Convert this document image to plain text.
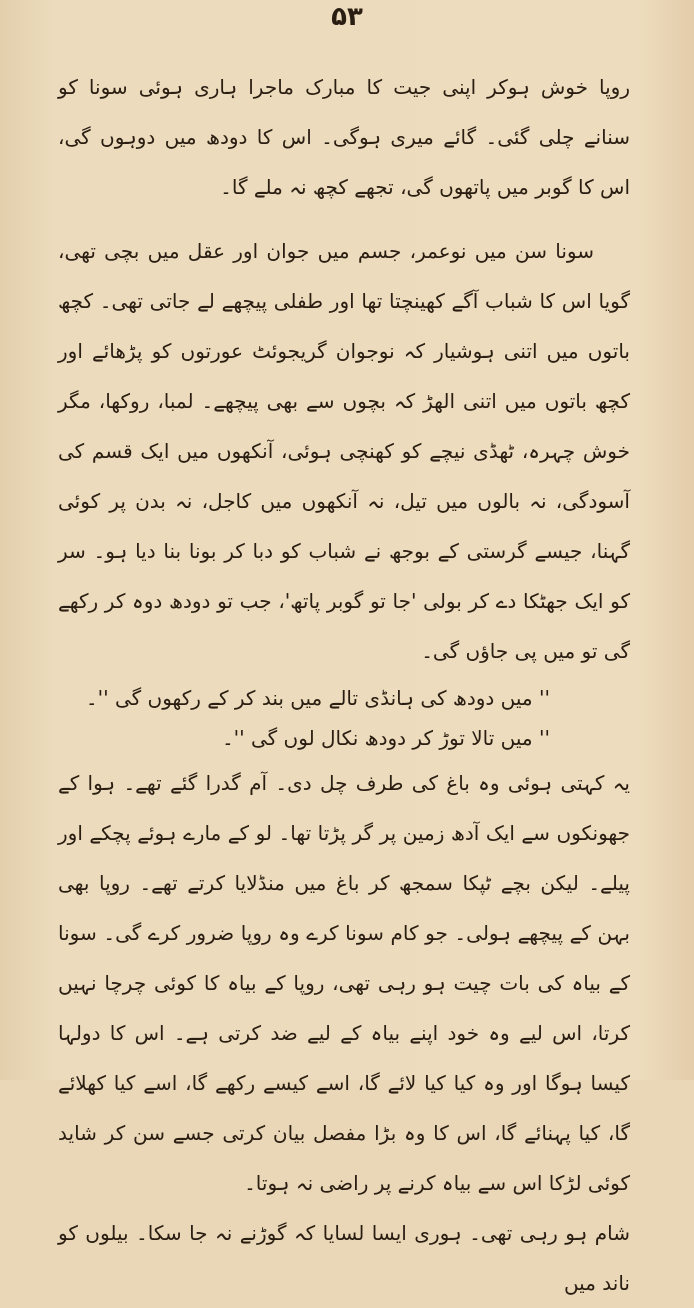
۵۳

روپا خوش ہوکر اپنی جیت کا مبارک ماجرا ہاری ہوئی سونا کو سنانے چلی گئی۔ گائے میری ہوگی۔ اس کا دودھ میں دوہوں گی، اس کا گوبر میں پاتھوں گی، تجھے کچھ نہ ملے گا۔

سونا سن میں نوعمر، جسم میں جوان اور عقل میں بچی تھی، گویا اس کا شباب آگے کھینچتا تھا اور طفلی پیچھے لے جاتی تھی۔ کچھ باتوں میں اتنی ہوشیار کہ نوجوان گریجوئٹ عورتوں کو پڑھائے اور کچھ باتوں میں اتنی الھڑ کہ بچوں سے بھی پیچھے۔ لمبا، روکھا، مگر خوش چہرہ، ٹھڈی نیچے کو کھنچی ہوئی، آنکھوں میں ایک قسم کی آسودگی، نہ بالوں میں تیل، نہ آنکھوں میں کاجل، نہ بدن پر کوئی گہنا، جیسے گرستی کے بوجھ نے شباب کو دبا کر بونا بنا دیا ہو۔ سر کو ایک جھٹکا دے کر بولی 'جا تو گوبر پاتھ'، جب تو دودھ دوہ کر رکھے گی تو میں پی جاؤں گی۔

'' میں دودھ کی ہانڈی تالے میں بند کر کے رکھوں گی ''۔

'' میں تالا توڑ کر دودھ نکال لوں گی ''۔

یہ کہتی ہوئی وہ باغ کی طرف چل دی۔ آم گدرا گئے تھے۔ ہوا کے جھونکوں سے ایک آدھ زمین پر گر پڑتا تھا۔ لو کے مارے ہوئے پچکے اور پیلے۔ لیکن بچے ٹپکا سمجھ کر باغ میں منڈلایا کرتے تھے۔ روپا بھی بہن کے پیچھے ہولی۔ جو کام سونا کرے وہ روپا ضرور کرے گی۔ سونا کے بیاہ کی بات چیت ہو رہی تھی، روپا کے بیاہ کا کوئی چرچا نہیں کرتا، اس لیے وہ خود اپنے بیاہ کے لیے ضد کرتی ہے۔ اس کا دولہا کیسا ہوگا اور وہ کیا کیا لائے گا، اسے کیسے رکھے گا، اسے کیا کھلائے گا، کیا پہنائے گا، اس کا وہ بڑا مفصل بیان کرتی جسے سن کر شاید کوئی لڑکا اس سے بیاہ کرنے پر راضی نہ ہوتا۔

شام ہو رہی تھی۔ ہوری ایسا لسایا کہ گوڑنے نہ جا سکا۔ بیلوں کو ناند میں
